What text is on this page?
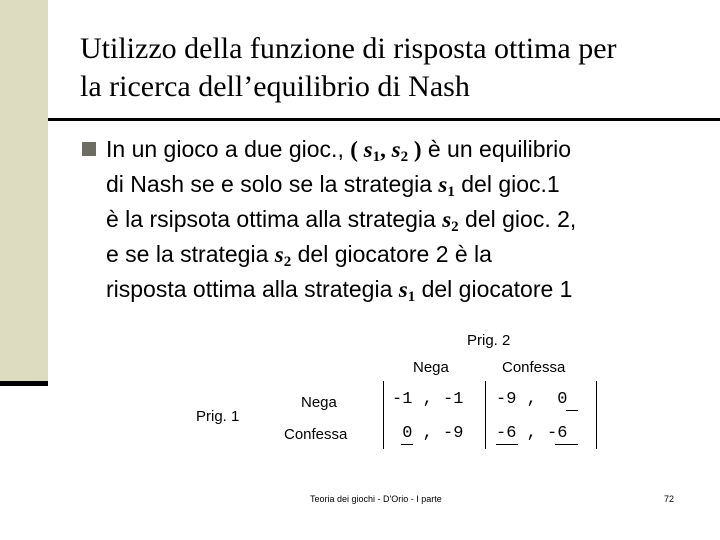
Utilizzo della funzione di risposta ottima per
la ricerca dell’equilibrio di Nash
In un gioco a due gioc., ( $s_1$, $s_2$ ) è un equilibrio
di Nash se e solo se la strategia $s_1$ del gioc.1
è la rsipsota ottima alla strategia $s_2$ del gioc. 2,
e se la strategia $s_2$ del giocatore 2 è la
risposta ottima alla strategia $s_1$ del giocatore 1
Prig. 2
Nega	Confessa
Prig. 1
Nega
Confessa
-1 , -1 -9 ,  0
0 , -9 -6 , -6
Teoria dei giochi - D'Orio - I parte	72
